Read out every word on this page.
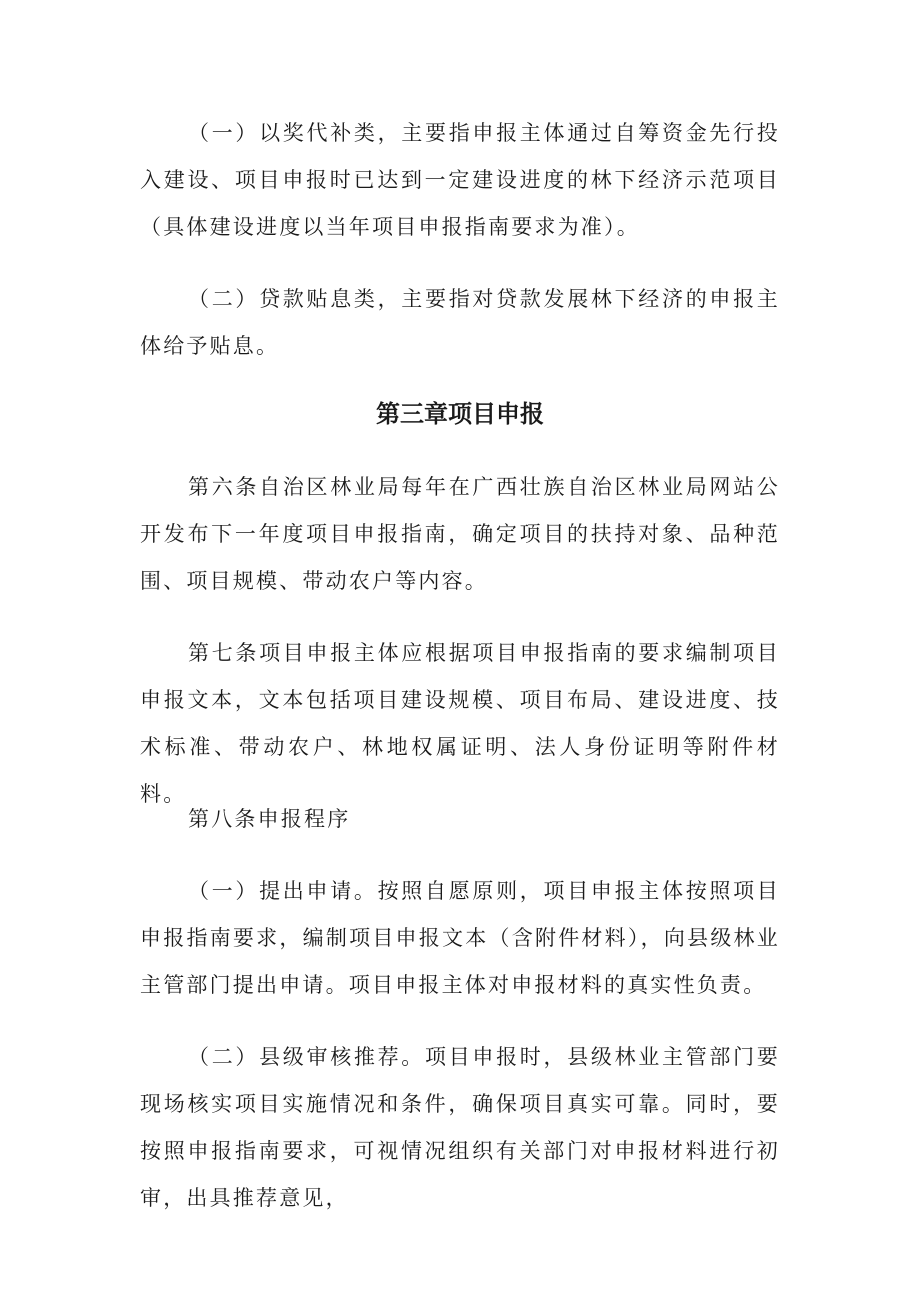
（一）以奖代补类，主要指申报主体通过自筹资金先行投入建设、项目申报时已达到一定建设进度的林下经济示范项目（具体建设进度以当年项目申报指南要求为准）。

（二）贷款贴息类，主要指对贷款发展林下经济的申报主体给予贴息。

第三章项目申报

第六条自治区林业局每年在广西壮族自治区林业局网站公开发布下一年度项目申报指南，确定项目的扶持对象、品种范围、项目规模、带动农户等内容。

第七条项目申报主体应根据项目申报指南的要求编制项目申报文本，文本包括项目建设规模、项目布局、建设进度、技术标准、带动农户、林地权属证明、法人身份证明等附件材料。

第八条申报程序

（一）提出申请。按照自愿原则，项目申报主体按照项目申报指南要求，编制项目申报文本（含附件材料），向县级林业主管部门提出申请。项目申报主体对申报材料的真实性负责。

（二）县级审核推荐。项目申报时，县级林业主管部门要现场核实项目实施情况和条件，确保项目真实可靠。同时，要按照申报指南要求，可视情况组织有关部门对申报材料进行初审，出具推荐意见，
